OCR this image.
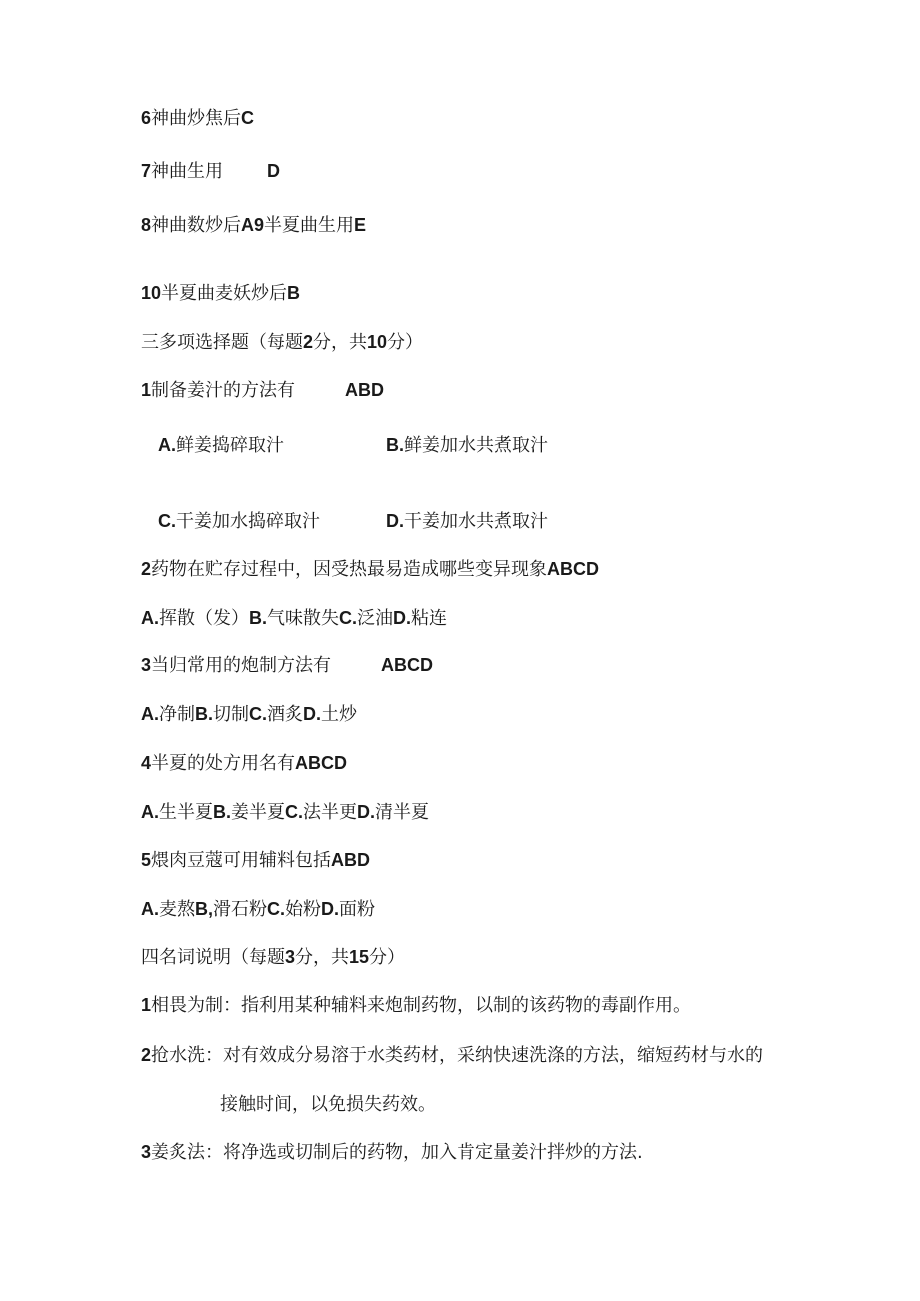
6神曲炒焦后C
7神曲生用 D
8神曲数炒后A9半夏曲生用E
10半夏曲麦妖炒后B
三多项选择题（每题2分，共10分）
1制备姜汁的方法有	ABD
A.鲜姜捣碎取汁	B.鲜姜加水共煮取汁
C.干姜加水捣碎取汁	D.干姜加水共煮取汁
2药物在贮存过程中，因受热最易造成哪些变异现象ABCD
A.挥散（发）B.气味散失C.泛油D.粘连
3当归常用的炮制方法有	ABCD
A.净制B.切制C.酒炙D.土炒
4半夏的处方用名有ABCD
A.生半夏B.姜半夏C.法半更D.清半夏
5煨肉豆蔻可用辅料包括ABD
A.麦熬B,滑石粉C.始粉D.面粉
四名词说明（每题3分，共15分）
1相畏为制：指利用某种辅料来炮制药物，以制的该药物的毒副作用。
2抢水洗：对有效成分易溶于水类药材，采纳快速洗涤的方法，缩短药材与水的
接触时间，以免损失药效。
3姜炙法：将净选或切制后的药物，加入肯定量姜汁拌炒的方法.
